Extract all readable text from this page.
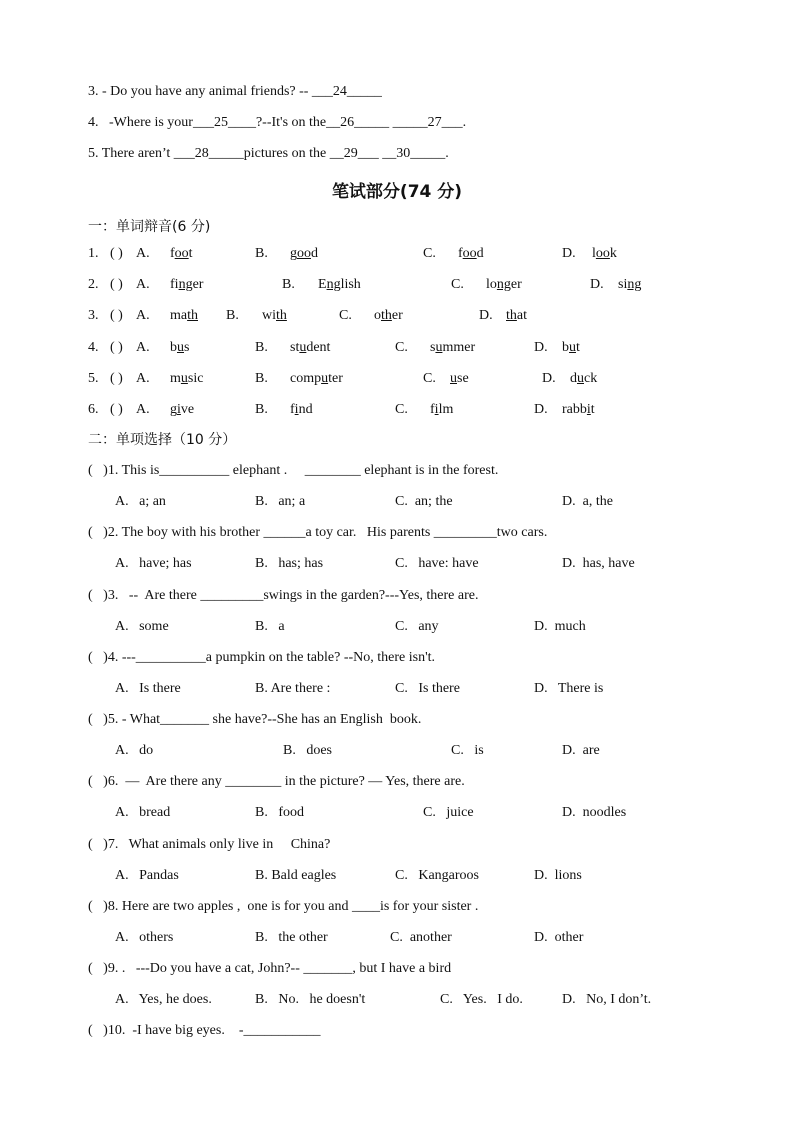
3. - Do you have any animal friends? -- ___24_____
4.   -Where is your___25____?--It's on the__26_____ _____27___.
5. There aren’t ___28_____pictures on the __29___ __30_____.
笔试部分(74 分)
一：单词辩音(6 分)
1. ( ) A. foot	B. good	C. food	D. look
2. ( ) A. finger	B. English	C. longer	D. sing
3. ( ) A. math B. with	C. other	D. that
4. ( ) A. bus	B. student	C. summer	D. but
5. ( ) A. music	B. computer	C. use	D. duck
6. ( ) A. give	B. find	C. film	D. rabbit
二：单项选择（10 分）
(   )1. This is__________ elephant .     ________ elephant is in the forest.
A.   a; an	B.   an; a	C.  an; the	D.  a, the
(   )2. The boy with his brother ______a toy car.   His parents _________two cars.
A.   have; has	B.   has; has	C.   have: have	D.  has, have
(   )3.   --  Are there _________swings in the garden?---Yes, there are.
A.   some	B.   a	C.   any	D.  much
(   )4. ---__________a pumpkin on the table? --No, there isn't.
A.   Is there	B. Are there :	C.   Is there	D.   There is
(   )5. - What_______ she have?--She has an English  book.
A.   do	B.   does	C.   is	D.  are
(   )6.  —  Are there any ________ in the picture? — Yes, there are.
A.   bread	B.   food	C.   juice	D.  noodles
(   )7.   What animals only live in     China?
A.   Pandas	B. Bald eagles	C.   Kangaroos	D.  lions
(   )8. Here are two apples ,  one is for you and ____is for your sister .
A.   others	B.   the other	C.  another	D.  other
(   )9. .   ---Do you have a cat, John?-- _______, but I have a bird
A.   Yes, he does.	B.   No.   he doesn't	C.   Yes.   I do.	D.   No, I don’t.
(   )10.  -I have big eyes.    -___________
